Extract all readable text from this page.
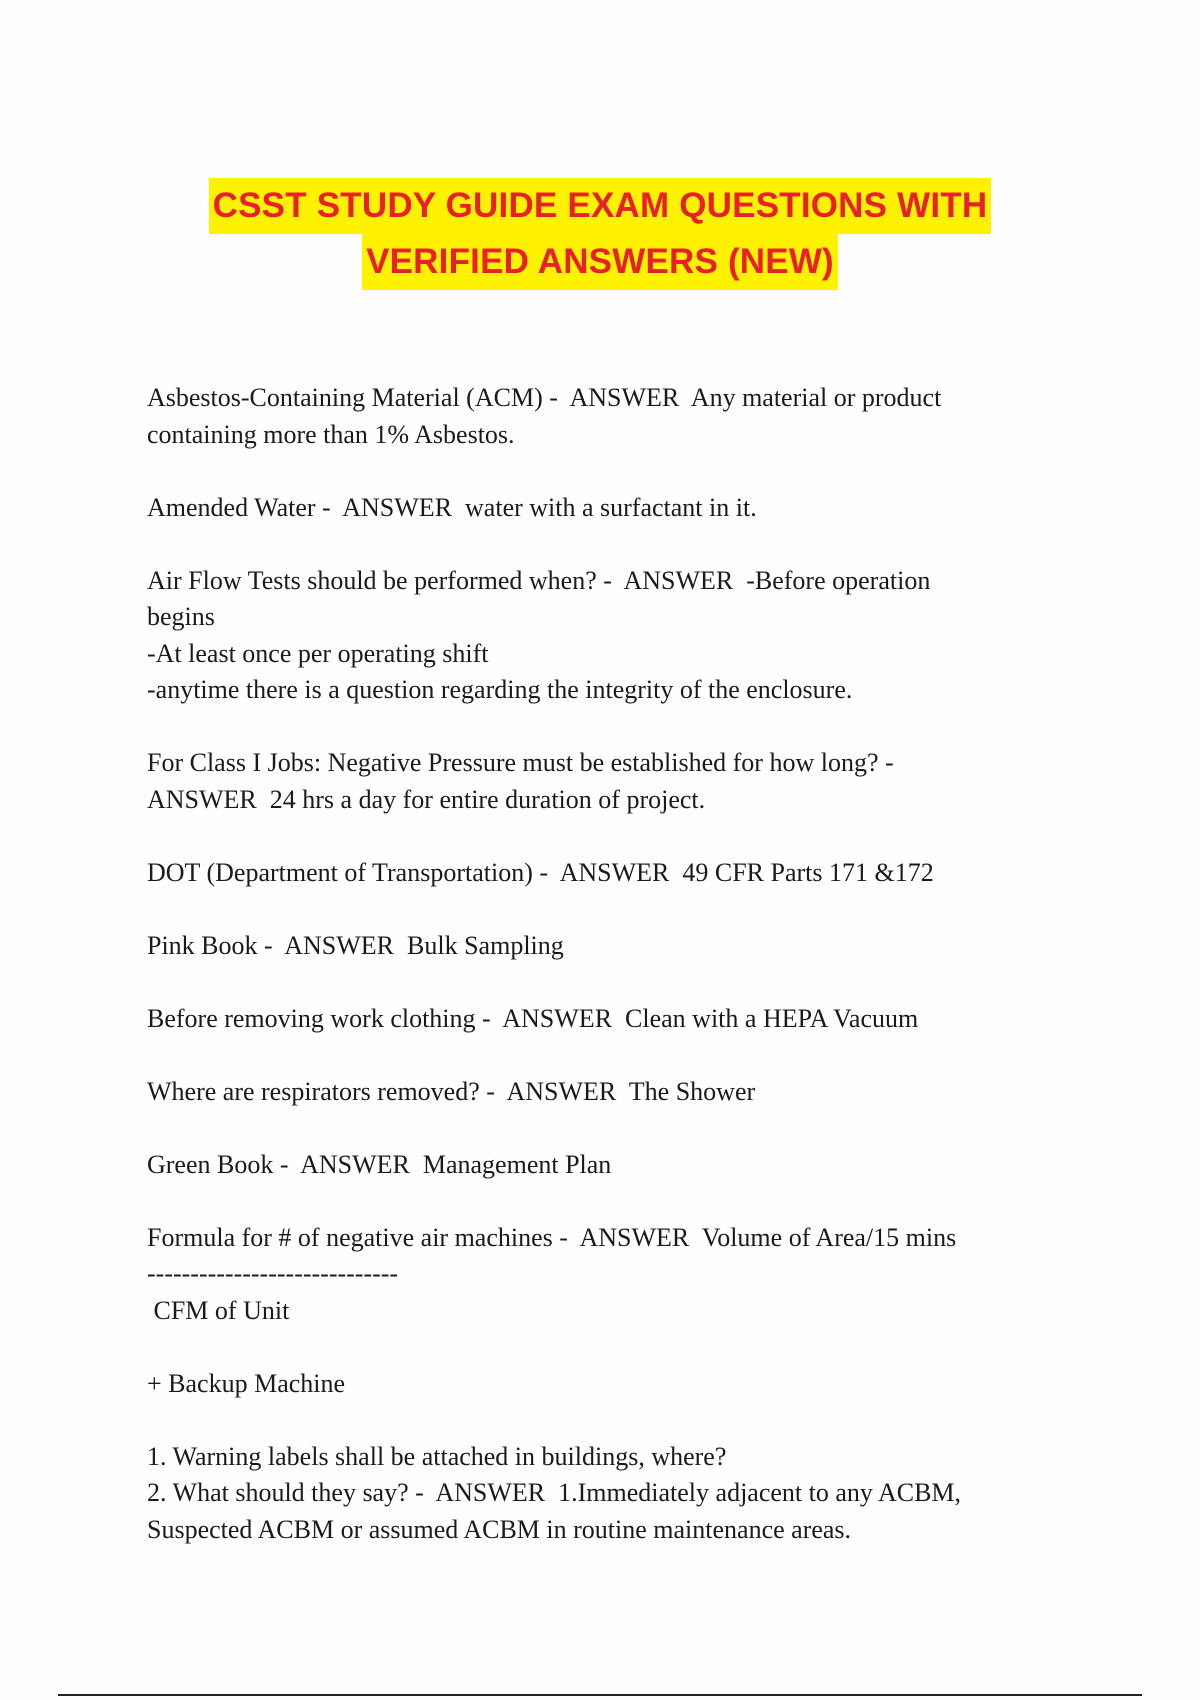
CSST STUDY GUIDE EXAM QUESTIONS WITH
VERIFIED ANSWERS (NEW)

Asbestos-Containing Material (ACM) -  ANSWER  Any material or product
containing more than 1% Asbestos.

Amended Water -  ANSWER  water with a surfactant in it.

Air Flow Tests should be performed when? -  ANSWER  -Before operation
begins
-At least once per operating shift
-anytime there is a question regarding the integrity of the enclosure.

For Class I Jobs: Negative Pressure must be established for how long? -
ANSWER  24 hrs a day for entire duration of project.

DOT (Department of Transportation) -  ANSWER  49 CFR Parts 171 &172

Pink Book -  ANSWER  Bulk Sampling

Before removing work clothing -  ANSWER  Clean with a HEPA Vacuum

Where are respirators removed? -  ANSWER  The Shower

Green Book -  ANSWER  Management Plan

Formula for # of negative air machines -  ANSWER  Volume of Area/15 mins
-----------------------------
CFM of Unit

+ Backup Machine

1. Warning labels shall be attached in buildings, where?
2. What should they say? -  ANSWER  1.Immediately adjacent to any ACBM,
Suspected ACBM or assumed ACBM in routine maintenance areas.
